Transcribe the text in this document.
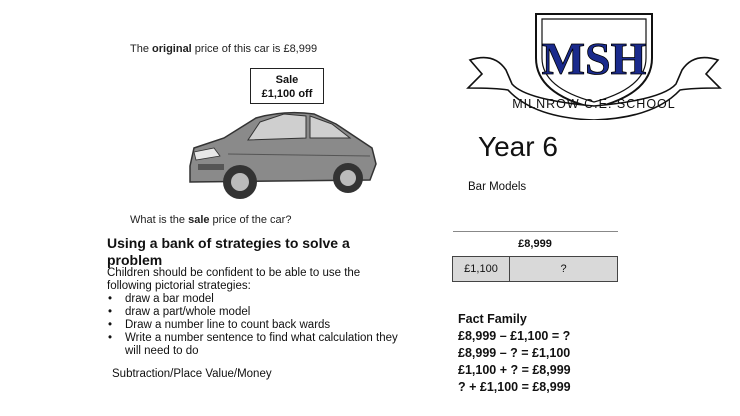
The original price of this car is £8,999
Sale
£1,100 off
What is the sale price of the car?
Using a bank of strategies to solve a problem
Children should be confident to be able to use the following pictorial strategies:
• draw a bar model
• draw a part/whole model
• Draw a number line to count back wards
• Write a number sentence to find what calculation they will need to do
Subtraction/Place Value/Money
MSH
MILNROW C.E. SCHOOL
Year 6
Bar Models
£8,999
£1,100	?
Fact Family
£8,999 – £1,100 = ?
£8,999 – ? = £1,100
£1,100 + ? = £8,999
? + £1,100 = £8,999
